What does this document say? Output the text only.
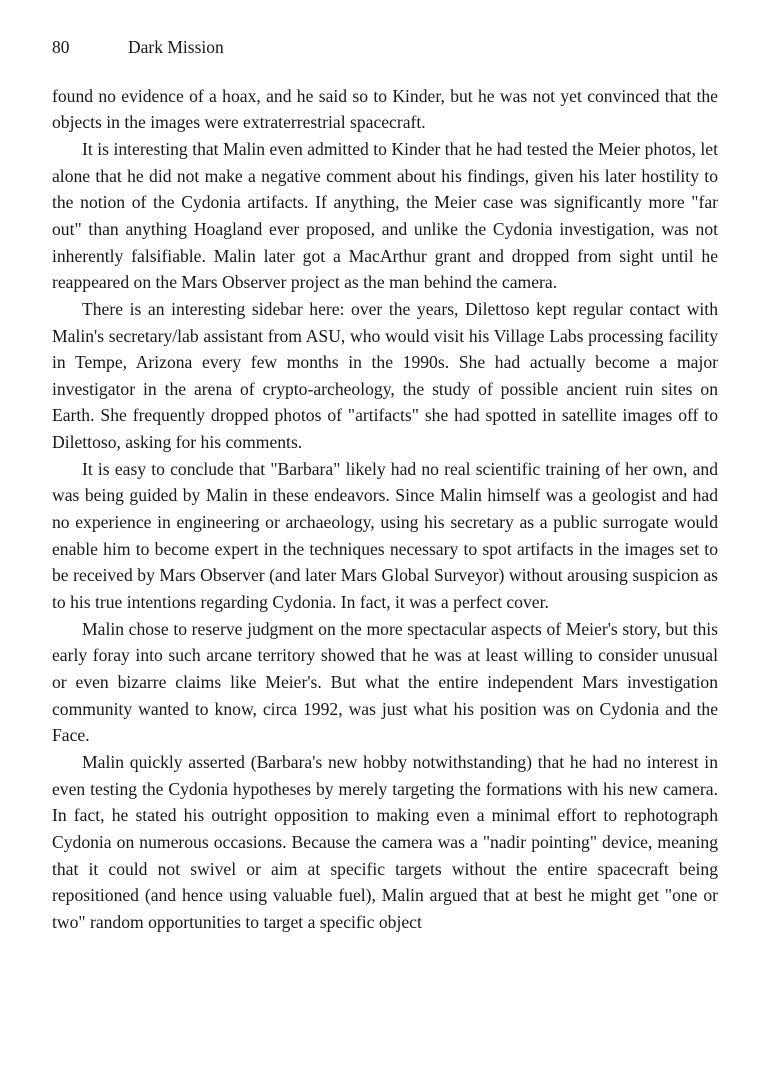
80	Dark Mission

found no evidence of a hoax, and he said so to Kinder, but he was not yet convinced that the objects in the images were extraterrestrial spacecraft.

It is interesting that Malin even admitted to Kinder that he had tested the Meier photos, let alone that he did not make a negative comment about his findings, given his later hostility to the notion of the Cydonia artifacts. If anything, the Meier case was significantly more "far out" than anything Hoagland ever proposed, and unlike the Cydonia investigation, was not inherently falsifiable. Malin later got a MacArthur grant and dropped from sight until he reappeared on the Mars Observer project as the man behind the camera.

There is an interesting sidebar here: over the years, Dilettoso kept regular contact with Malin's secretary/lab assistant from ASU, who would visit his Village Labs processing facility in Tempe, Arizona every few months in the 1990s. She had actually become a major investigator in the arena of crypto-archeology, the study of possible ancient ruin sites on Earth. She frequently dropped photos of "artifacts" she had spotted in satellite images off to Dilettoso, asking for his comments.

It is easy to conclude that "Barbara" likely had no real scientific training of her own, and was being guided by Malin in these endeavors. Since Malin himself was a geologist and had no experience in engineering or archaeology, using his secretary as a public surrogate would enable him to become expert in the techniques necessary to spot artifacts in the images set to be received by Mars Observer (and later Mars Global Surveyor) without arousing suspicion as to his true intentions regarding Cydonia. In fact, it was a perfect cover.

Malin chose to reserve judgment on the more spectacular aspects of Meier's story, but this early foray into such arcane territory showed that he was at least willing to consider unusual or even bizarre claims like Meier's. But what the entire independent Mars investigation community wanted to know, circa 1992, was just what his position was on Cydonia and the Face.

Malin quickly asserted (Barbara's new hobby notwithstanding) that he had no interest in even testing the Cydonia hypotheses by merely targeting the formations with his new camera. In fact, he stated his outright opposition to making even a minimal effort to rephotograph Cydonia on numerous occasions. Because the camera was a "nadir pointing" device, meaning that it could not swivel or aim at specific targets without the entire spacecraft being repositioned (and hence using valuable fuel), Malin argued that at best he might get "one or two" random opportunities to target a specific object
